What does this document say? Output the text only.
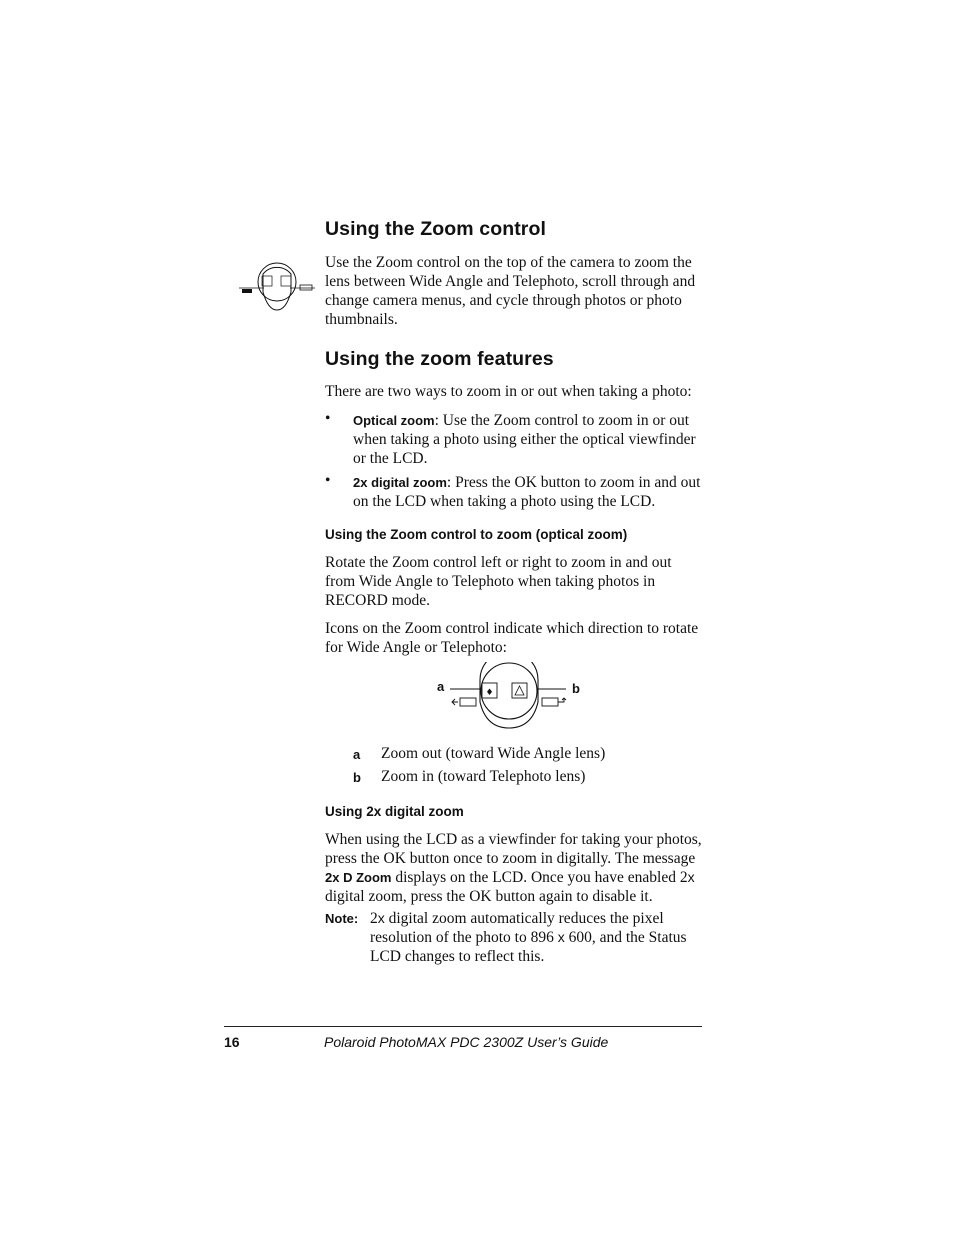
Using the Zoom control

Use the Zoom control on the top of the camera to zoom the lens between Wide Angle and Telephoto, scroll through and change camera menus, and cycle through photos or photo thumbnails.

Using the zoom features

There are two ways to zoom in or out when taking a photo:

• Optical zoom: Use the Zoom control to zoom in or out when taking a photo using either the optical viewfinder or the LCD.

• 2x digital zoom: Press the OK button to zoom in and out on the LCD when taking a photo using the LCD.

Using the Zoom control to zoom (optical zoom)

Rotate the Zoom control left or right to zoom in and out from Wide Angle to Telephoto when taking photos in RECORD mode.

Icons on the Zoom control indicate which direction to rotate for Wide Angle or Telephoto:

a	b
♦
a Zoom out (toward Wide Angle lens)
b Zoom in (toward Telephoto lens)
Using 2x digital zoom

When using the LCD as a viewfinder for taking your photos, press the OK button once to zoom in digitally. The message 2x D Zoom displays on the LCD. Once you have enabled 2x digital zoom, press the OK button again to disable it.

Note: 2x digital zoom automatically reduces the pixel resolution of the photo to 896 x 600, and the Status LCD changes to reflect this.

16	Polaroid PhotoMAX PDC 2300Z User’s Guide
